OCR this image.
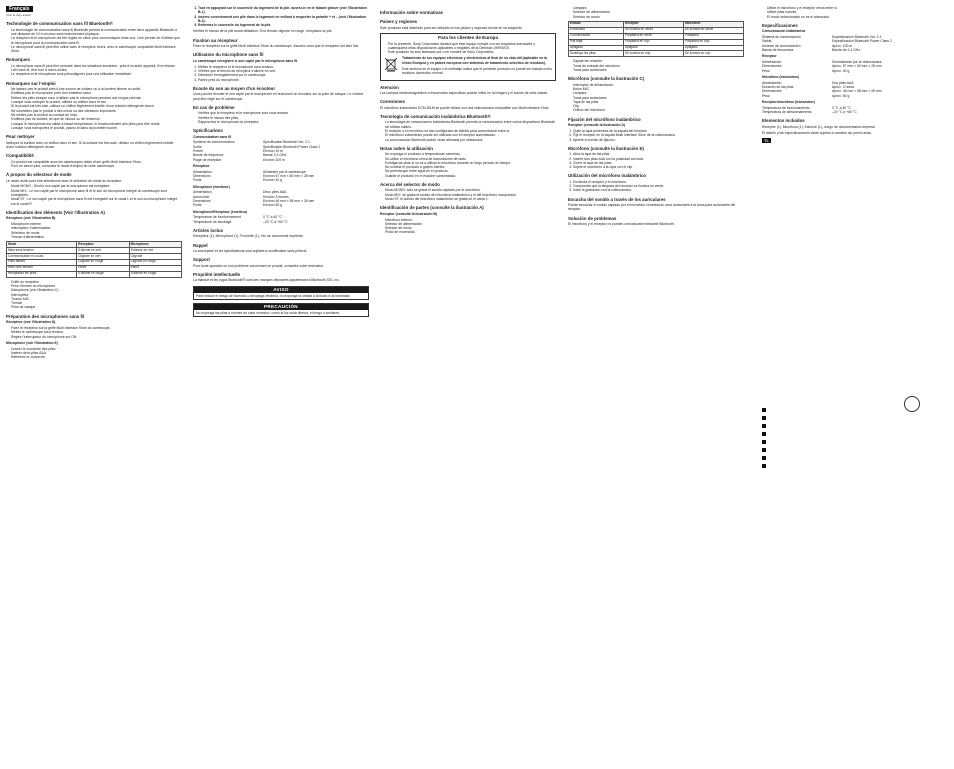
Français
(Voir le logo avant)
Technologie de communication sans fil Bluetooth®
• La technologie de communication sans fil Bluetooth permet la communication entre deux appareils Bluetooth à une distance de 10 m environ sans branchement physique.
• La réception et le microphone ont été réglés en usine pour communiquer entre eux. Ceci permet de n'utiliser que le microphone pour la communication sans fil.
• Le microphone sans fil peut être utilisé avec le récepteur fourni, avec le caméscope compatible Multi Interface Shoe.
Remarques
• Le microphone sans fil peut être perturbé dans les situations suivantes : près d'un autre appareil, d'un réseau LAN sans fil, d'un four à micro-ondes.
• Le récepteur et le microphone sont préconfigurés pour une utilisation immédiate.
Remarques sur l'emploi
• Ne laissez pas le produit près d'une source de chaleur ou à la lumière directe du soleil.
• N'utilisez pas le microphone près d'un émetteur radio.
• Retirez les piles lorsque vous n'utilisez pas le microphone pendant une longue période.
• Lorsque vous nettoyez le produit, utilisez un chiffon doux et sec.
• Si le produit est très sale, utilisez un chiffon légèrement imbibé d'une solution détergente douce.
• Ne soumettez pas le produit à des chocs ou des vibrations importants.
• Ne mettez pas le produit au contact de l'eau.
• N'utilisez pas de solvant, tel que de l'alcool ou de l'essence.
• Lorsque le microphone est utilisé à basse température, le fonctionnement des piles peut être réduit.
• Lorsque vous transportez le produit, placez-le dans la pochette fournie.
Pour nettoyer

Nettoyez la surface avec un chiffon doux et sec. Si la surface est très sale, utilisez un chiffon légèrement imbibé d'une solution détergente douce.

Compatibilité
• Ce produit est compatible avec les caméscopes dotés d'une griffe Multi Interface Shoe.
• Pour en savoir plus, consultez le mode d'emploi de votre caméscope.
À propos du sélecteur de mode

Le mode audio peut être sélectionné avec le sélecteur de mode du récepteur.

• Mode MONO : Seul le son capté par le microphone est enregistré.
• Mode MIX : Le son capté par le microphone sans fil et le son du microphone intégré du caméscope sont enregistrés.
• Mode ST : Le son capté par le microphone sans fil est enregistré sur le canal L et le son du microphone intégré sur le canal R.
Identification des éléments (Voir l'illustration A)

Récepteur (voir l'illustration B)

• Microphone externe
• Interrupteur d'alimentation
• Sélecteur de mode
• Témoin d'alimentation
Mode	Récepteur	Microphone
Mise sous tension	S'allume en vert	S'allume en vert
Communication en cours	Clignote en vert	Clignote
Piles faibles	Clignote en rouge	Clignote en rouge
Mise hors tension	Éteint	Éteint
Remplacez les piles	S'allume en rouge	S'allume en rouge
• Griffe du récepteur
• Prise d'entrée du microphone
• Microphone (voir l'illustration C)
• Interrupteur
• Touche MIC
• Témoin
• Prise de casque
Préparation des microphones sans fil

Récepteur (voir l'illustration D)

• Fixez le récepteur sur la griffe Multi Interface Shoe du caméscope.
• Mettez le caméscope sous tension.
• Réglez l'interrupteur du microphone sur ON.

Microphone (voir l'illustration E)

• Ouvrez le couvercle des piles.
• Insérez deux piles AAA.
• Refermez le couvercle.
1. Tout en appuyant sur le couvercle du logement de la pile, ouvrez-le en le faisant glisser (voir l'illustration B-1).
2. Insérez correctement une pile dans le logement en veillant à respecter la polarité + et – (voir l'illustration B-2).
3. Refermez le couvercle du logement de la pile.

Vérifiez le niveau de la pile avant utilisation. Si le témoin clignote en rouge, remplacez la pile.

Fixation au récepteur

Fixez le récepteur sur la griffe Multi Interface Shoe du caméscope. Assurez-vous que le récepteur est bien fixé.

Utilisation du microphone sans fil

Le caméscope enregistre le son capté par le microphone sans fil.

1. Mettez le récepteur et le microphone sous tension.
2. Vérifiez que le témoin du récepteur s'allume en vert.
3. Démarrez l'enregistrement sur le caméscope.
4. Parlez près du microphone.
Écoute du son au moyen d'un écouteur

Vous pouvez écouter le son capté par le microphone en branchant un écouteur sur la prise de casque. Le volume peut être réglé sur le caméscope.

En cas de problème
• Vérifiez que le récepteur et le microphone sont sous tension.
• Vérifiez le niveau des piles.
• Rapprochez le microphone du récepteur.
Spécifications

Communication sans fil

Système de communication	Spécification Bluetooth Ver. 2.1
Sortie	Spécification Bluetooth Power Class 2
Portée	Environ 10 m
Bande de fréquence	Bande 2,4 GHz
Plage de réception	Environ 100 m

Récepteur

Alimentation	Alimentée par le caméscope
Dimensions	Environ 57 mm × 60 mm × 28 mm
Poids	Environ 40 g

Microphone (émetteur)

Alimentation	Deux piles AAA
Autonomie	Environ 3 heures
Dimensions	Environ 46 mm × 58 mm × 26 mm
Poids	Environ 50 g

Microphone/Récepteur (émetteur)

Température de fonctionnement	0 °C à 40 °C
Température de stockage	–20 °C à +60 °C
Articles inclus

Récepteur (1), Microphone (1), Pochette (1), Jeu de documents imprimés

Rappel

La conception et les spécifications sont sujettes à modification sans préavis.

Support

Pour toute question ou tout problème concernant ce produit, consultez votre revendeur.

Propriété intellectuelle

La marque et les logos Bluetooth® sont des marques déposées appartenant à Bluetooth SIG, Inc.

AVISO
Para reducir el riesgo de incendio o descarga eléctrica, no exponga la unidad a la lluvia ni la humedad.
PRECAUCIÓN
No exponga las pilas a fuentes de calor excesivo, como la luz solar directa, el fuego o similares.
Información sobre normativas
Países y regiones

Este producto está diseñado para ser utilizado en los países y regiones donde se ha adquirido.

Para los clientes de Europa
• Por la presente, Sony Corporation declara que este equipo cumple con los requisitos esenciales y cualesquiera otras disposiciones aplicables o exigibles de la Directiva 1999/5/CE.
• Este producto ha sido fabricado por o en nombre de Sony Corporation.

Tratamiento de los equipos eléctricos y electrónicos al final de su vida útil (aplicable en la Unión Europea y en países europeos con sistemas de tratamiento selectivo de residuos).

Este símbolo en el equipo o el embalaje indica que el presente producto no puede ser tratado como residuos doméstico normal.

Atención

Los campos electromagnéticos a frecuencias específicas podrán influir en la imagen y el sonido de esta unidad.

Conexiones

El micrófono inalámbrico ECM-W1M se puede utilizar con una videocámara compatible con Multi Interface Shoe.

Tecnología de comunicación inalámbrica Bluetooth®
• La tecnología de comunicación inalámbrica Bluetooth permite la comunicación entre varios dispositivos Bluetooth sin utilizar cables.
• El receptor y el micrófono se han configurado de fábrica para comunicarse entre sí.
• El micrófono inalámbrico puede ser utilizado con el receptor suministrado.
• La comunicación Bluetooth puede verse afectada por obstáculos.
Notas sobre la utilización
• No exponga el producto a temperaturas extremas.
• No utilice el micrófono cerca de transmisores de radio.
• Extraiga las pilas si no va a utilizar el micrófono durante un largo período de tiempo.
• No someta el producto a golpes fuertes.
• No permita que entre agua en el producto.
• Guarde el producto en el estuche suministrado.
Acerca del selector de modo
• Modo MONO: solo se graba el sonido captado por el micrófono.
• Modo MIX: se graba el sonido del micrófono inalámbrico y el del micrófono incorporado.
• Modo ST: el sonido del micrófono inalámbrico se graba en el canal L.
Identificación de partes (consulte la ilustración A)

Receptor (consulte la ilustración B)

• Micrófono externo
• Selector de alimentación
• Selector de modo
• Piloto de encendido
• Lámpara
• Selector de alimentación
• Selector de modo
Estado	Receptor	Micrófono
Encendido	Se ilumina en verde	Se ilumina en verde
Comunicación	Parpadea en verde	Parpadea
Pila baja	Parpadea en rojo	Parpadea en rojo
Apagado	Apagado	Apagado
Sustituya las pilas	Se ilumina en rojo	Se ilumina en rojo
• Zapata del receptor
• Toma de entrada del micrófono
• Toma para auriculares
Micrófono (consulte la ilustración C)
• Interruptor de alimentación
• Botón MIC
• Lámpara
• Toma para auriculares
• Tapa de las pilas
• Clip
• Orificio del micrófono
Fijación del micrófono inalámbrico

Receptor (consulte la ilustración D)

1. Quite la tapa protectora de la zapata del receptor.
2. Fije el receptor en la zapata Multi Interface Shoe de la videocámara.
3. Apriete el tornillo de fijación.
Micrófono (consulte la ilustración E)
1. Abra la tapa de las pilas.
2. Inserte dos pilas AAA con la polaridad correcta.
3. Cierre la tapa de las pilas.
4. Sujete el micrófono a la ropa con el clip.
Utilización del micrófono inalámbrico
1. Encienda el receptor y el micrófono.
2. Compruebe que la lámpara del receptor se ilumina en verde.
3. Inicie la grabación con la videocámara.
Escucha del sonido a través de los auriculares

Puede escuchar el sonido captado por el micrófono conectando unos auriculares a la toma para auriculares del receptor.

Solución de problemas

El micrófono y el receptor no pueden comunicarse mediante Bluetooth.

• Utilice el micrófono y el receptor cerca entre sí.
• Utilice pilas nuevas.
• El modo seleccionado no es el adecuado.
Especificaciones

Comunicación inalámbrica

Sistema de comunicación	Especificación Bluetooth Ver. 2.1
Salida	Especificación Bluetooth Power Class 2
Alcance de comunicación	Aprox. 100 m
Banda de frecuencia	Banda de 2,4 GHz

Receptor

Alimentación	Suministrada por la videocámara
Dimensiones	Aprox. 57 mm × 60 mm × 28 mm
Peso	Aprox. 40 g

Micrófono (transmisor)

Alimentación	Dos pilas AAA
Duración de las pilas	Aprox. 3 horas
Dimensiones	Aprox. 46 mm × 58 mm × 26 mm
Peso	Aprox. 50 g

Receptor/micrófono (transmisor)

Temperatura de funcionamiento	0 °C a 40 °C
Temperatura de almacenamiento	–20 °C a +60 °C
Elementos incluidos

Receptor (1), Micrófono (1), Estuche (1), Juego de documentación impresa

El diseño y las especificaciones están sujetos a cambios sin previo aviso.

TL
